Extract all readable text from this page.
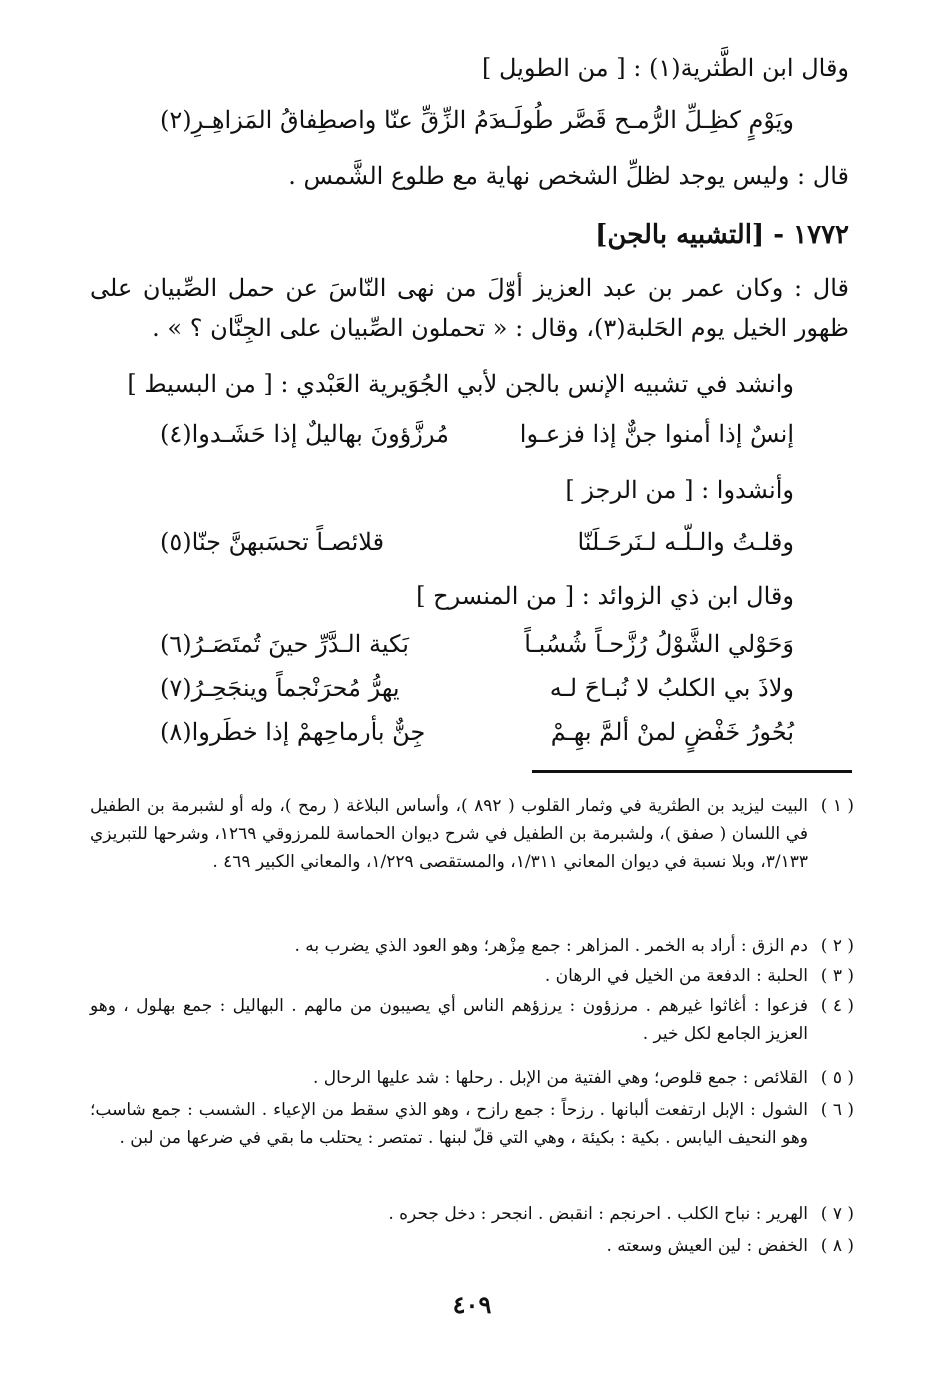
وقال ابن الطَّثرية(١) : [ من الطويل ]
ويَوْمٍ كظِـلِّ الرُّمـح قَصَّر طُولَـه
دَمُ الزِّقِّ عنّا واصطِفاقُ المَزاهِـرِ(٢)
قال : وليس يوجد لظلِّ الشخص نهاية مع طلوع الشَّمس .
١٧٧٢ - [التشبيه بالجن]
قال : وكان عمر بن عبد العزيز أوّلَ من نهى النّاسَ عن حمل الصِّبيان على ظهور الخيل يوم الحَلبة(٣)، وقال : « تحملون الصِّبيان على الجِنَّان ؟ » .
وانشد في تشبيه الإنس بالجن لأبي الجُوَيرية العَبْدي : [ من البسيط ]
إنسٌ إذا أمنوا جنٌّ إذا فزعـوا
مُرزَّؤونَ بهاليلٌ إذا حَشَـدوا(٤)
وأنشدوا : [ من الرجز ]
وقلـتُ والـلّـه لـنَرحَـلَنّا
قلائصـاً تحسَبهنَّ جنّا(٥)
وقال ابن ذي الزوائد : [ من المنسرح ]
وَحَوْلي الشَّوْلُ رُزَّحـاً شُسُبـاً
بَكية الـدَّرِّ حينَ تُمتَصَـرُ(٦)
ولاذَ بي الكلبُ لا نُبـاحَ لـه
يهرُّ مُحرَنْجماً وينجَحِـرُ(٧)
بُحُورُ خَفْضٍ لمنْ ألمَّ بهِـمْ
جِنٌّ بأرماحِهمْ إذا خطَروا(٨)
( ١ )
البيت ليزيد بن الطثرية في وثمار القلوب ( ٨٩٢ )، وأساس البلاغة ( رمح )، وله أو لشبرمة بن الطفيل في اللسان ( صفق )، ولشبرمة بن الطفيل في شرح ديوان الحماسة للمرزوقي ١٢٦٩، وشرحها للتبريزي ٣/١٣٣، وبلا نسبة في ديوان المعاني ١/٣١١، والمستقصى ١/٢٢٩، والمعاني الكبير ٤٦٩ .
( ٢ )
دم الزق : أراد به الخمر . المزاهر : جمع مِزْهر؛ وهو العود الذي يضرب به .
( ٣ )
الحلبة : الدفعة من الخيل في الرهان .
( ٤ )
فزعوا : أغاثوا غيرهم . مرزؤون : يرزؤهم الناس أي يصيبون من مالهم . البهاليل : جمع بهلول ، وهو العزيز الجامع لكل خير .
( ٥ )
القلائص : جمع قلوص؛ وهي الفتية من الإبل . رحلها : شد عليها الرحال .
( ٦ )
الشول : الإبل ارتفعت ألبانها . رزحاً : جمع رازح ، وهو الذي سقط من الإعياء . الشسب : جمع شاسب؛ وهو النحيف اليابس . بكية : بكيئة ، وهي التي قلّ لبنها . تمتصر : يحتلب ما بقي في ضرعها من لبن .
( ٧ )
الهرير : نباح الكلب . احرنجم : انقبض . انجحر : دخل جحره .
( ٨ )
الخفض : لين العيش وسعته .
٤٠٩
